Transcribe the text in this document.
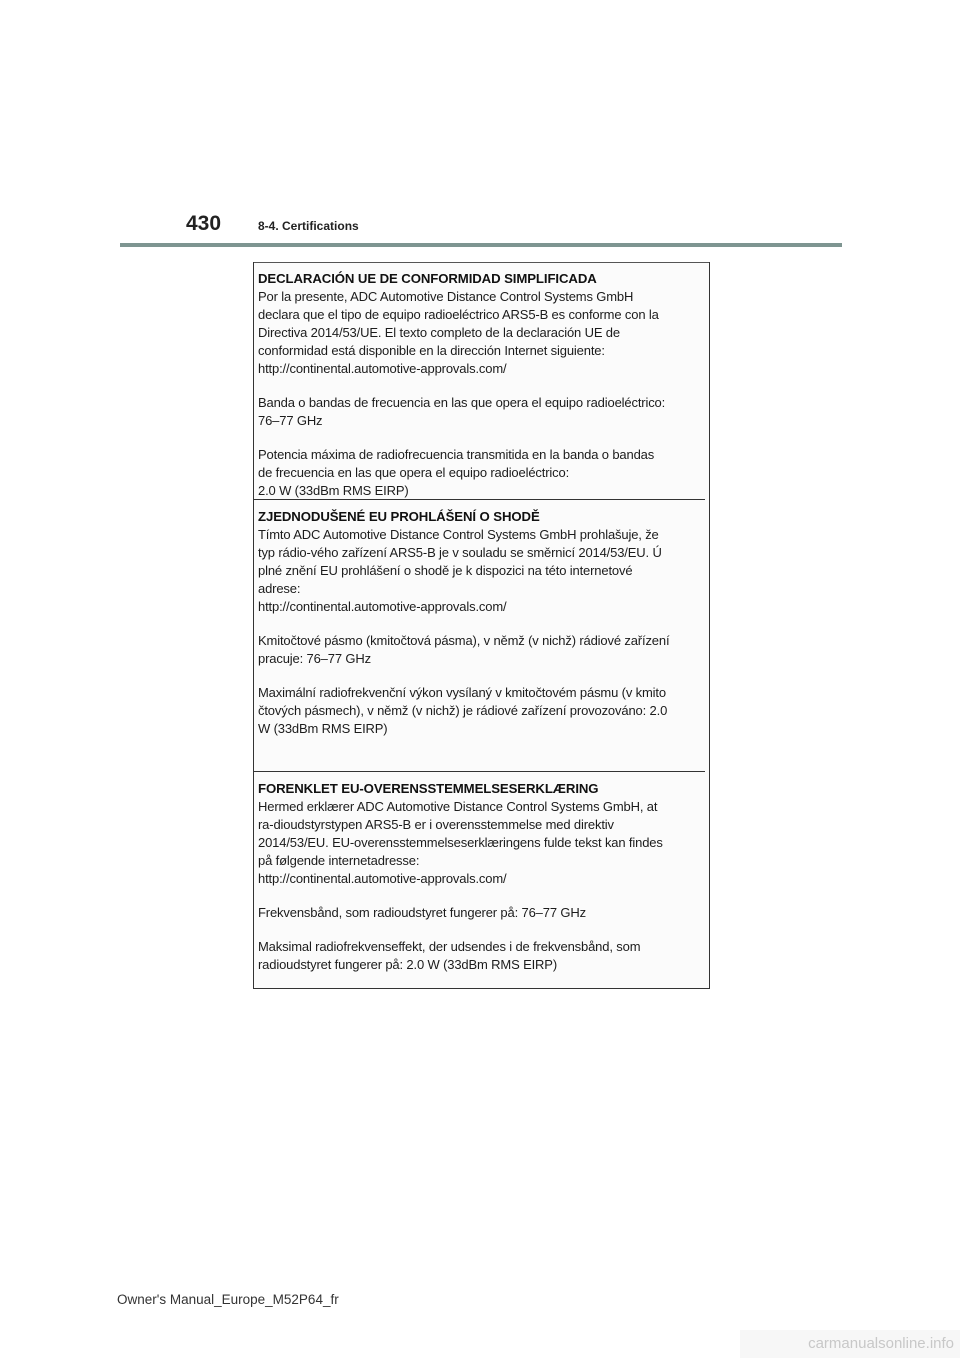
430	8-4. Certifications

DECLARACIÓN UE DE CONFORMIDAD SIMPLIFICADA

Por la presente, ADC Automotive Distance Control Systems GmbH
declara que el tipo de equipo radioeléctrico ARS5-B es conforme con la
Directiva 2014/53/UE. El texto completo de la declaración UE de
conformidad está disponible en la dirección Internet siguiente:
http://continental.automotive-approvals.com/

Banda o bandas de frecuencia en las que opera el equipo radioeléctrico:
76–77 GHz

Potencia máxima de radiofrecuencia transmitida en la banda o bandas
de frecuencia en las que opera el equipo radioeléctrico:
2.0 W (33dBm RMS EIRP)

ZJEDNODUŠENÉ EU PROHLÁŠENÍ O SHODĚ

Tímto ADC Automotive Distance Control Systems GmbH prohlašuje, že
typ rádio-vého zařízení ARS5-B je v souladu se směrnicí 2014/53/EU. Ú
plné znění EU prohlášení o shodě je k dispozici na této internetové
adrese:
http://continental.automotive-approvals.com/

Kmitočtové pásmo (kmitočtová pásma), v němž (v nichž) rádiové zařízení
pracuje: 76–77 GHz

Maximální radiofrekvenční výkon vysílaný v kmitočtovém pásmu (v kmito
čtových pásmech), v němž (v nichž) je rádiové zařízení provozováno: 2.0
W (33dBm RMS EIRP)

FORENKLET EU-OVERENSSTEMMELSESERKLÆRING

Hermed erklærer ADC Automotive Distance Control Systems GmbH, at
ra-dioudstyrstypen ARS5-B er i overensstemmelse med direktiv
2014/53/EU. EU-overensstemmelseserklæringens fulde tekst kan findes
på følgende internetadresse:
http://continental.automotive-approvals.com/

Frekvensbånd, som radioudstyret fungerer på: 76–77 GHz

Maksimal radiofrekvenseffekt, der udsendes i de frekvensbånd, som
radioudstyret fungerer på: 2.0 W (33dBm RMS EIRP)

Owner's Manual_Europe_M52P64_fr
carmanualsonline.info
